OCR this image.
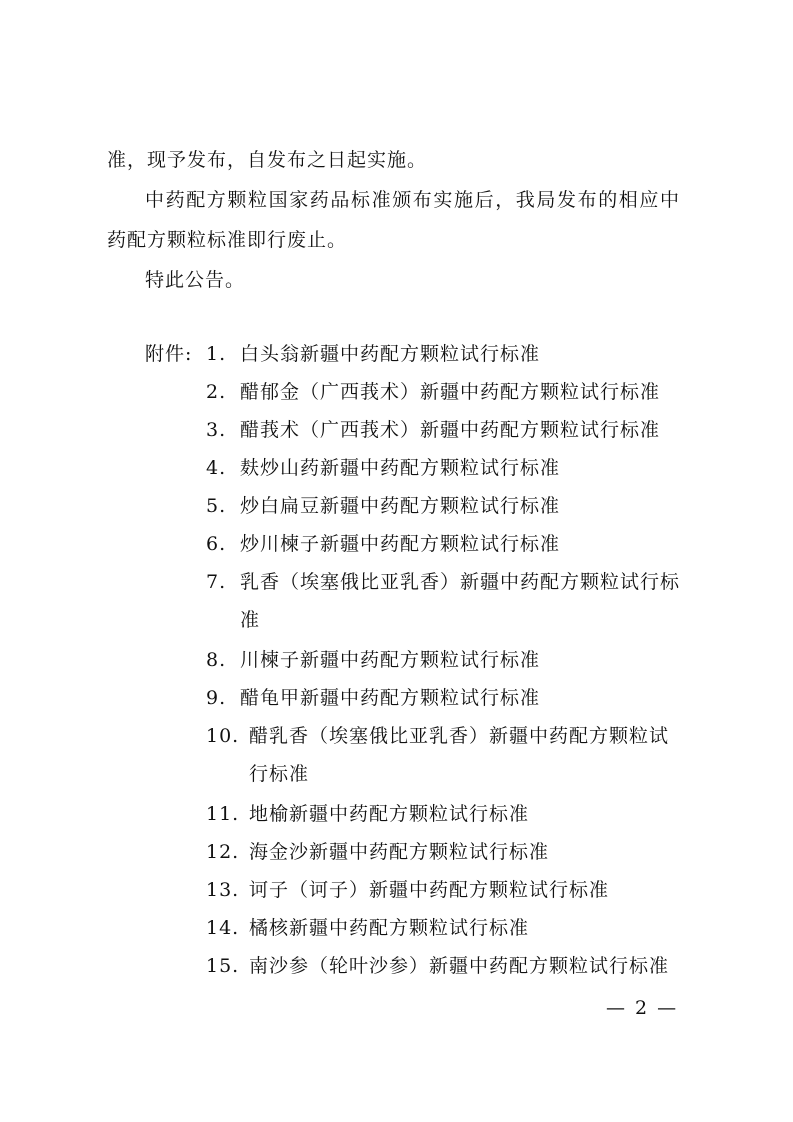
准，现予发布，自发布之日起实施。
中药配方颗粒国家药品标准颁布实施后，我局发布的相应中
药配方颗粒标准即行废止。
特此公告。
附件: 1. 白头翁新疆中药配方颗粒试行标准
2. 醋郁金（广西莪术）新疆中药配方颗粒试行标准
3. 醋莪术（广西莪术）新疆中药配方颗粒试行标准
4. 麸炒山药新疆中药配方颗粒试行标准
5. 炒白扁豆新疆中药配方颗粒试行标准
6. 炒川楝子新疆中药配方颗粒试行标准
7. 乳香（埃塞俄比亚乳香）新疆中药配方颗粒试行标
准
8. 川楝子新疆中药配方颗粒试行标准
9. 醋龟甲新疆中药配方颗粒试行标准
10. 醋乳香（埃塞俄比亚乳香）新疆中药配方颗粒试
行标准
11. 地榆新疆中药配方颗粒试行标准
12. 海金沙新疆中药配方颗粒试行标准
13. 诃子（诃子）新疆中药配方颗粒试行标准
14. 橘核新疆中药配方颗粒试行标准
15. 南沙参（轮叶沙参）新疆中药配方颗粒试行标准
— 2 —
